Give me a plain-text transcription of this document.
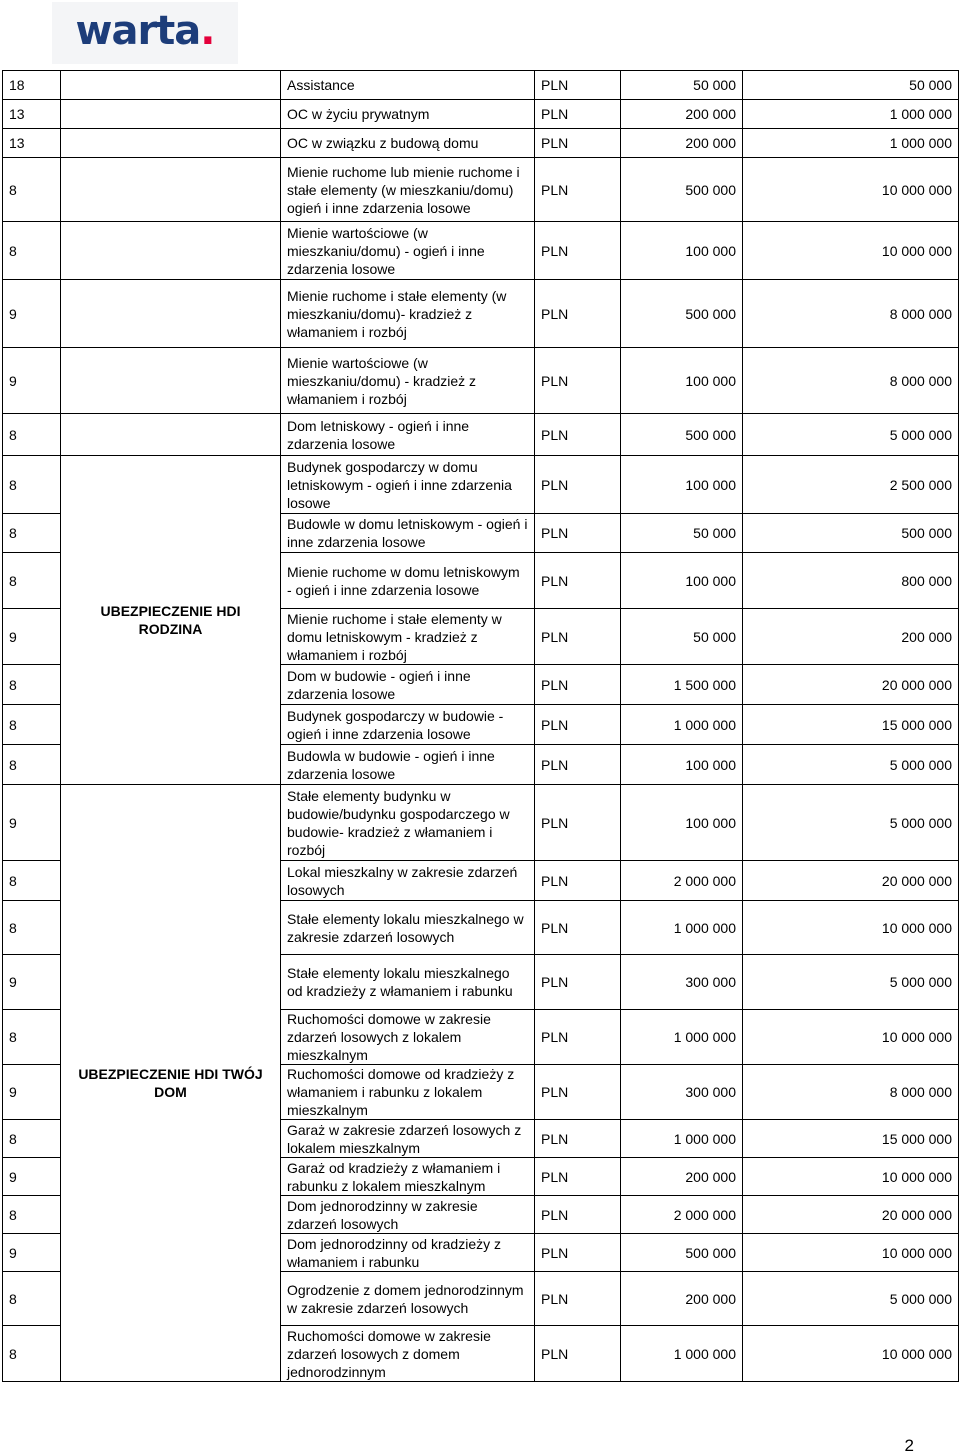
warta.
18		Assistance	PLN	50 000	50 000
13		OC w życiu prywatnym	PLN	200 000	1 000 000
13		OC w związku z budową domu	PLN	200 000	1 000 000
8		Mienie ruchome lub mienie ruchome i stałe elementy (w mieszkaniu/domu) ogień i inne zdarzenia losowe	PLN	500 000	10 000 000
8		Mienie wartościowe (w mieszkaniu/domu) - ogień i inne zdarzenia losowe	PLN	100 000	10 000 000
9		Mienie ruchome i stałe elementy (w mieszkaniu/domu)- kradzież z włamaniem i rozbój	PLN	500 000	8 000 000
9		Mienie wartościowe (w mieszkaniu/domu) - kradzież z włamaniem i rozbój	PLN	100 000	8 000 000
8		Dom letniskowy - ogień i inne zdarzenia losowe	PLN	500 000	5 000 000
8	UBEZPIECZENIE HDI RODZINA	Budynek gospodarczy w domu letniskowym - ogień i inne zdarzenia losowe	PLN	100 000	2 500 000
8		Budowle w domu letniskowym - ogień i inne zdarzenia losowe	PLN	50 000	500 000
8		Mienie ruchome w domu letniskowym - ogień i inne zdarzenia losowe	PLN	100 000	800 000
9		Mienie ruchome i stałe elementy w domu letniskowym - kradzież z włamaniem i rozbój	PLN	50 000	200 000
8		Dom w budowie - ogień i inne zdarzenia losowe	PLN	1 500 000	20 000 000
8		Budynek gospodarczy w budowie - ogień i inne zdarzenia losowe	PLN	1 000 000	15 000 000
8		Budowla w budowie - ogień i inne zdarzenia losowe	PLN	100 000	5 000 000
9	UBEZPIECZENIE HDI TWÓJ DOM	Stałe elementy budynku w budowie/budynku gospodarczego w budowie- kradzież z włamaniem i rozbój	PLN	100 000	5 000 000
8		Lokal mieszkalny w zakresie zdarzeń losowych	PLN	2 000 000	20 000 000
8		Stałe elementy lokalu mieszkalnego w zakresie zdarzeń losowych	PLN	1 000 000	10 000 000
9		Stałe elementy lokalu mieszkalnego od kradzieży z włamaniem i rabunku	PLN	300 000	5 000 000
8		Ruchomości domowe w zakresie zdarzeń losowych z lokalem mieszkalnym	PLN	1 000 000	10 000 000
9		Ruchomości domowe od kradzieży z włamaniem i rabunku z lokalem mieszkalnym	PLN	300 000	8 000 000
8		Garaż w zakresie zdarzeń losowych z lokalem mieszkalnym	PLN	1 000 000	15 000 000
9		Garaż od kradzieży z włamaniem i rabunku z lokalem mieszkalnym	PLN	200 000	10 000 000
8		Dom jednorodzinny w zakresie zdarzeń losowych	PLN	2 000 000	20 000 000
9		Dom jednorodzinny od kradzieży z włamaniem i rabunku	PLN	500 000	10 000 000
8		Ogrodzenie z domem jednorodzinnym w zakresie zdarzeń losowych	PLN	200 000	5 000 000
8		Ruchomości domowe w zakresie zdarzeń losowych z domem jednorodzinnym	PLN	1 000 000	10 000 000
2
